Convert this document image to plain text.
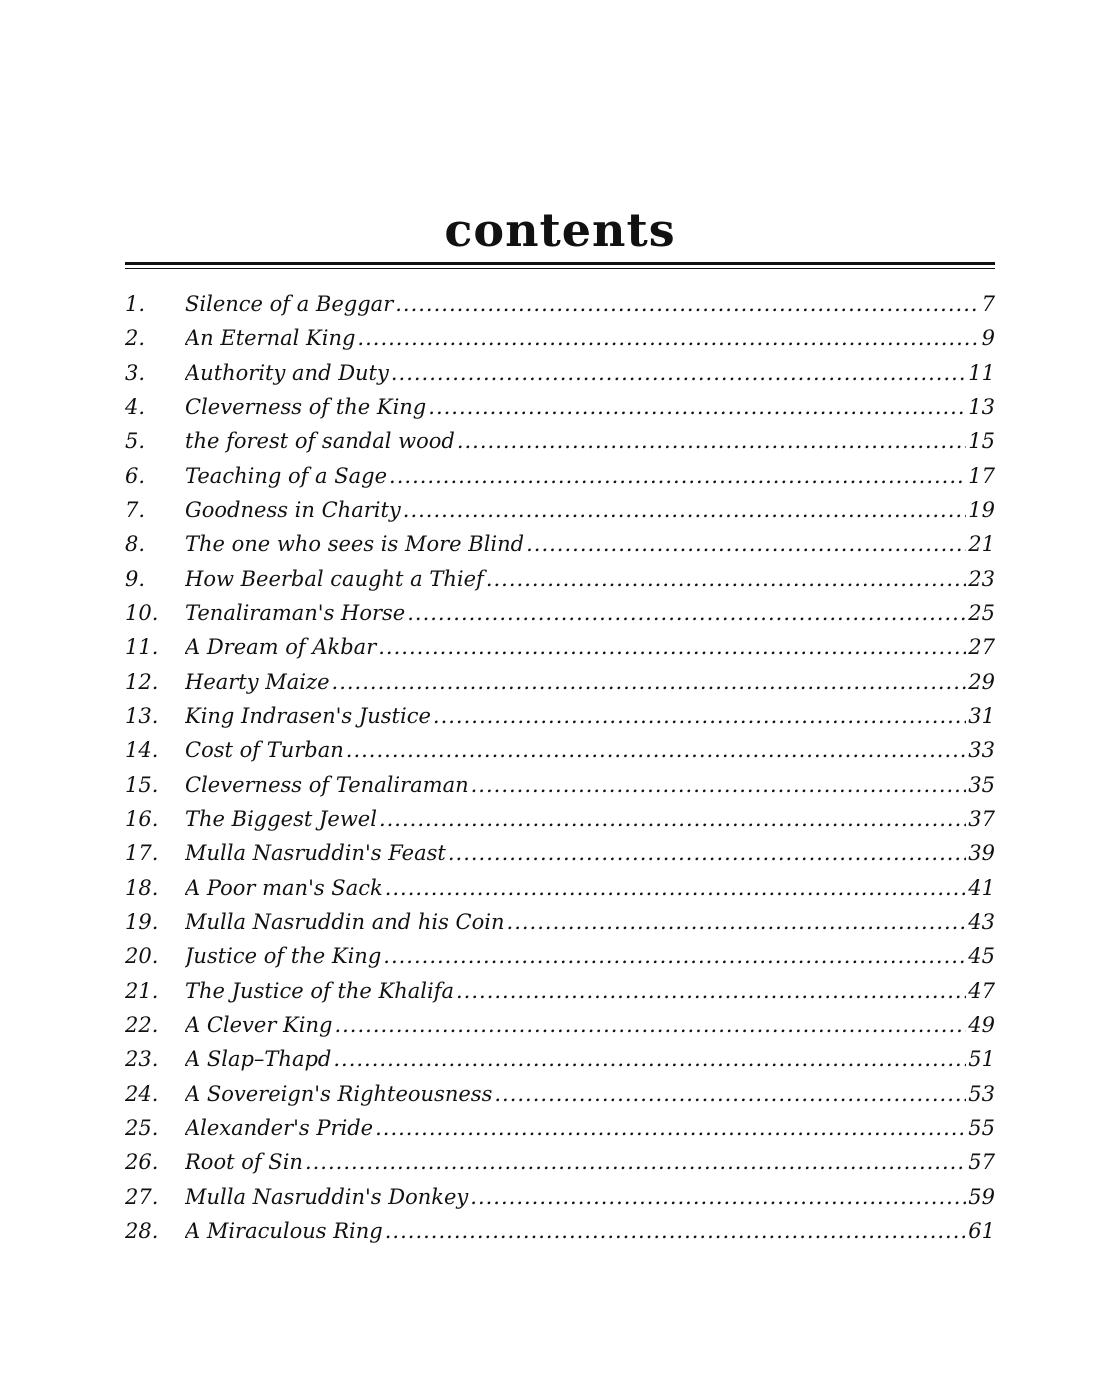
contents
1.	Silence of a Beggar .....	7
2.	An Eternal King .....	9
3.	Authority and Duty .....	11
4.	Cleverness of the King .....	13
5.	the forest of sandal wood .....	15
6.	Teaching of a Sage .....	17
7.	Goodness in Charity .....	19
8.	The one who sees is More Blind .....	21
9.	How Beerbal caught a Thief .....	23
10.	Tenaliraman's Horse .....	25
11.	A Dream of Akbar .....	27
12.	Hearty Maize .....	29
13.	King Indrasen's Justice .....	31
14.	Cost of Turban .....	33
15.	Cleverness of Tenaliraman .....	35
16.	The Biggest Jewel .....	37
17.	Mulla Nasruddin's Feast .....	39
18.	A Poor man's Sack .....	41
19.	Mulla Nasruddin and his Coin .....	43
20.	Justice of the King .....	45
21.	The Justice of the Khalifa .....	47
22.	A Clever King .....	49
23.	A Slap–Thapd .....	51
24.	A Sovereign's Righteousness .....	53
25.	Alexander's Pride .....	55
26.	Root of Sin .....	57
27.	Mulla Nasruddin's Donkey .....	59
28.	A Miraculous Ring .....	61
